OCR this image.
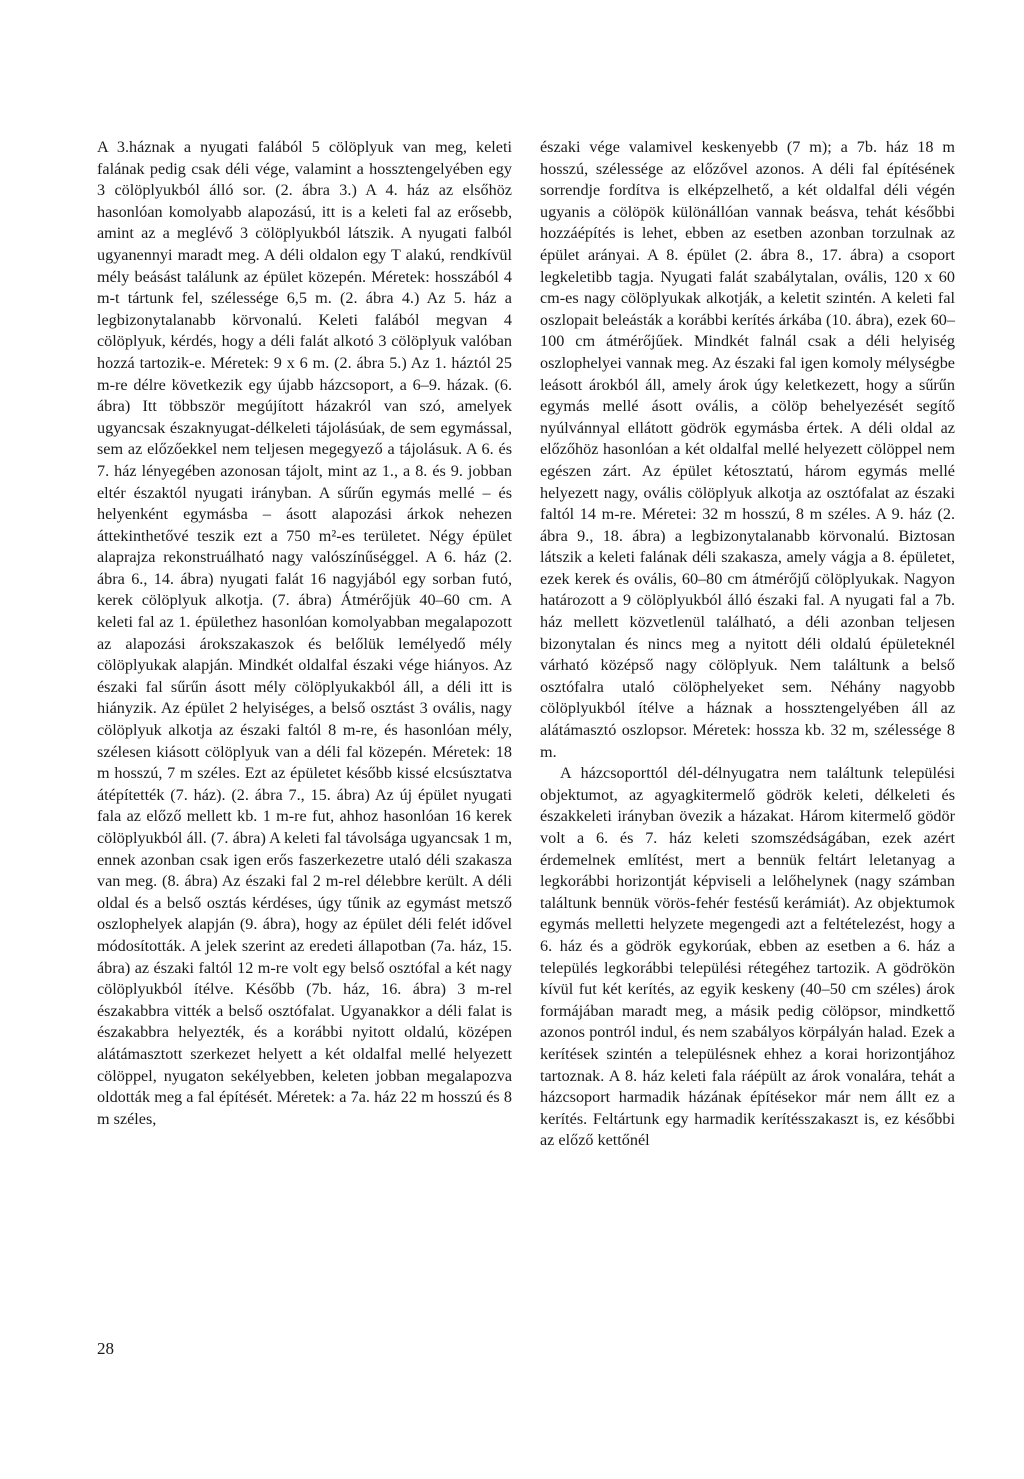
A 3.háznak a nyugati falából 5 cölöplyuk van meg, keleti falának pedig csak déli vége, valamint a hossztengelyében egy 3 cölöplyukból álló sor. (2. ábra 3.) A 4. ház az elsőhöz hasonlóan komolyabb alapozású, itt is a keleti fal az erősebb, amint az a meglévő 3 cölöplyukból látszik. A nyugati falból ugyanennyi maradt meg. A déli oldalon egy T alakú, rendkívül mély beásást találunk az épület közepén. Méretek: hosszából 4 m-t tártunk fel, szélessége 6,5 m. (2. ábra 4.) Az 5. ház a legbizonytalanabb körvonalú. Keleti falából megvan 4 cölöplyuk, kérdés, hogy a déli falát alkotó 3 cölöplyuk valóban hozzá tartozik-e. Méretek: 9 x 6 m. (2. ábra 5.) Az 1. háztól 25 m-re délre következik egy újabb házcsoport, a 6–9. házak. (6. ábra) Itt többször megújított házakról van szó, amelyek ugyancsak északnyugat-délkeleti tájolásúak, de sem egymással, sem az előzőekkel nem teljesen megegyező a tájolásuk. A 6. és 7. ház lényegében azonosan tájolt, mint az 1., a 8. és 9. jobban eltér északtól nyugati irányban. A sűrűn egymás mellé – és helyenként egymásba – ásott alapozási árkok nehezen áttekinthetővé teszik ezt a 750 m²-es területet. Négy épület alaprajza rekonstruálható nagy valószínűséggel. A 6. ház (2. ábra 6., 14. ábra) nyugati falát 16 nagyjából egy sorban futó, kerek cölöplyuk alkotja. (7. ábra) Átmérőjük 40–60 cm. A keleti fal az 1. épülethez hasonlóan komolyabban megalapozott az alapozási árokszakaszok és belőlük lemélyedő mély cölöplyukak alapján. Mindkét oldalfal északi vége hiányos. Az északi fal sűrűn ásott mély cölöplyukakból áll, a déli itt is hiányzik. Az épület 2 helyiséges, a belső osztást 3 ovális, nagy cölöplyuk alkotja az északi faltól 8 m-re, és hasonlóan mély, szélesen kiásott cölöplyuk van a déli fal közepén. Méretek: 18 m hosszú, 7 m széles. Ezt az épületet később kissé elcsúsztatva átépítették (7. ház). (2. ábra 7., 15. ábra) Az új épület nyugati fala az előző mellett kb. 1 m-re fut, ahhoz hasonlóan 16 kerek cölöplyukból áll. (7. ábra) A keleti fal távolsága ugyancsak 1 m, ennek azonban csak igen erős faszerkezetre utaló déli szakasza van meg. (8. ábra) Az északi fal 2 m-rel délebbre került. A déli oldal és a belső osztás kérdéses, úgy tűnik az egymást metsző oszlophelyek alapján (9. ábra), hogy az épület déli felét idővel módosították. A jelek szerint az eredeti állapotban (7a. ház, 15. ábra) az északi faltól 12 m-re volt egy belső osztófal a két nagy cölöplyukból ítélve. Később (7b. ház, 16. ábra) 3 m-rel északabbra vitték a belső osztófalat. Ugyanakkor a déli falat is északabbra helyezték, és a korábbi nyitott oldalú, középen alátámasztott szerkezet helyett a két oldalfal mellé helyezett cölöppel, nyugaton sekélyebben, keleten jobban megalapozva oldották meg a fal építését. Méretek: a 7a. ház 22 m hosszú és 8 m széles,

északi vége valamivel keskenyebb (7 m); a 7b. ház 18 m hosszú, szélessége az előzővel azonos. A déli fal építésének sorrendje fordítva is elképzelhető, a két oldalfal déli végén ugyanis a cölöpök különállóan vannak beásva, tehát későbbi hozzáépítés is lehet, ebben az esetben azonban torzulnak az épület arányai. A 8. épület (2. ábra 8., 17. ábra) a csoport legkeletibb tagja. Nyugati falát szabálytalan, ovális, 120 x 60 cm-es nagy cölöplyukak alkotják, a keletit szintén. A keleti fal oszlopait beleásták a korábbi kerítés árkába (10. ábra), ezek 60–100 cm átmérőjűek. Mindkét falnál csak a déli helyiség oszlophelyei vannak meg. Az északi fal igen komoly mélységbe leásott árokból áll, amely árok úgy keletkezett, hogy a sűrűn egymás mellé ásott ovális, a cölöp behelyezését segítő nyúlvánnyal ellátott gödrök egymásba értek. A déli oldal az előzőhöz hasonlóan a két oldalfal mellé helyezett cölöppel nem egészen zárt. Az épület kétosztatú, három egymás mellé helyezett nagy, ovális cölöplyuk alkotja az osztófalat az északi faltól 14 m-re. Méretei: 32 m hosszú, 8 m széles. A 9. ház (2. ábra 9., 18. ábra) a legbizonytalanabb körvonalú. Biztosan látszik a keleti falának déli szakasza, amely vágja a 8. épületet, ezek kerek és ovális, 60–80 cm átmérőjű cölöplyukak. Nagyon határozott a 9 cölöplyukból álló északi fal. A nyugati fal a 7b. ház mellett közvetlenül található, a déli azonban teljesen bizonytalan és nincs meg a nyitott déli oldalú épületeknél várható középső nagy cölöplyuk. Nem találtunk a belső osztófalra utaló cölöphelyeket sem. Néhány nagyobb cölöplyukból ítélve a háznak a hossztengelyében áll az alátámasztó oszlopsor. Méretek: hossza kb. 32 m, szélessége 8 m.

A házcsoporttól dél-délnyugatra nem találtunk települési objektumot, az agyagkitermelő gödrök keleti, délkeleti és északkeleti irányban övezik a házakat. Három kitermelő gödör volt a 6. és 7. ház keleti szomszédságában, ezek azért érdemelnek említést, mert a bennük feltárt leletanyag a legkorábbi horizontját képviseli a lelőhelynek (nagy számban találtunk bennük vörös-fehér festésű kerámiát). Az objektumok egymás melletti helyzete megengedi azt a feltételezést, hogy a 6. ház és a gödrök egykorúak, ebben az esetben a 6. ház a település legkorábbi települési rétegéhez tartozik. A gödrökön kívül fut két kerítés, az egyik keskeny (40–50 cm széles) árok formájában maradt meg, a másik pedig cölöpsor, mindkettő azonos pontról indul, és nem szabályos körpályán halad. Ezek a kerítések szintén a településnek ehhez a korai horizontjához tartoznak. A 8. ház keleti fala ráépült az árok vonalára, tehát a házcsoport harmadik házának építésekor már nem állt ez a kerítés. Feltártunk egy harmadik kerítésszakaszt is, ez későbbi az előző kettőnél

28
